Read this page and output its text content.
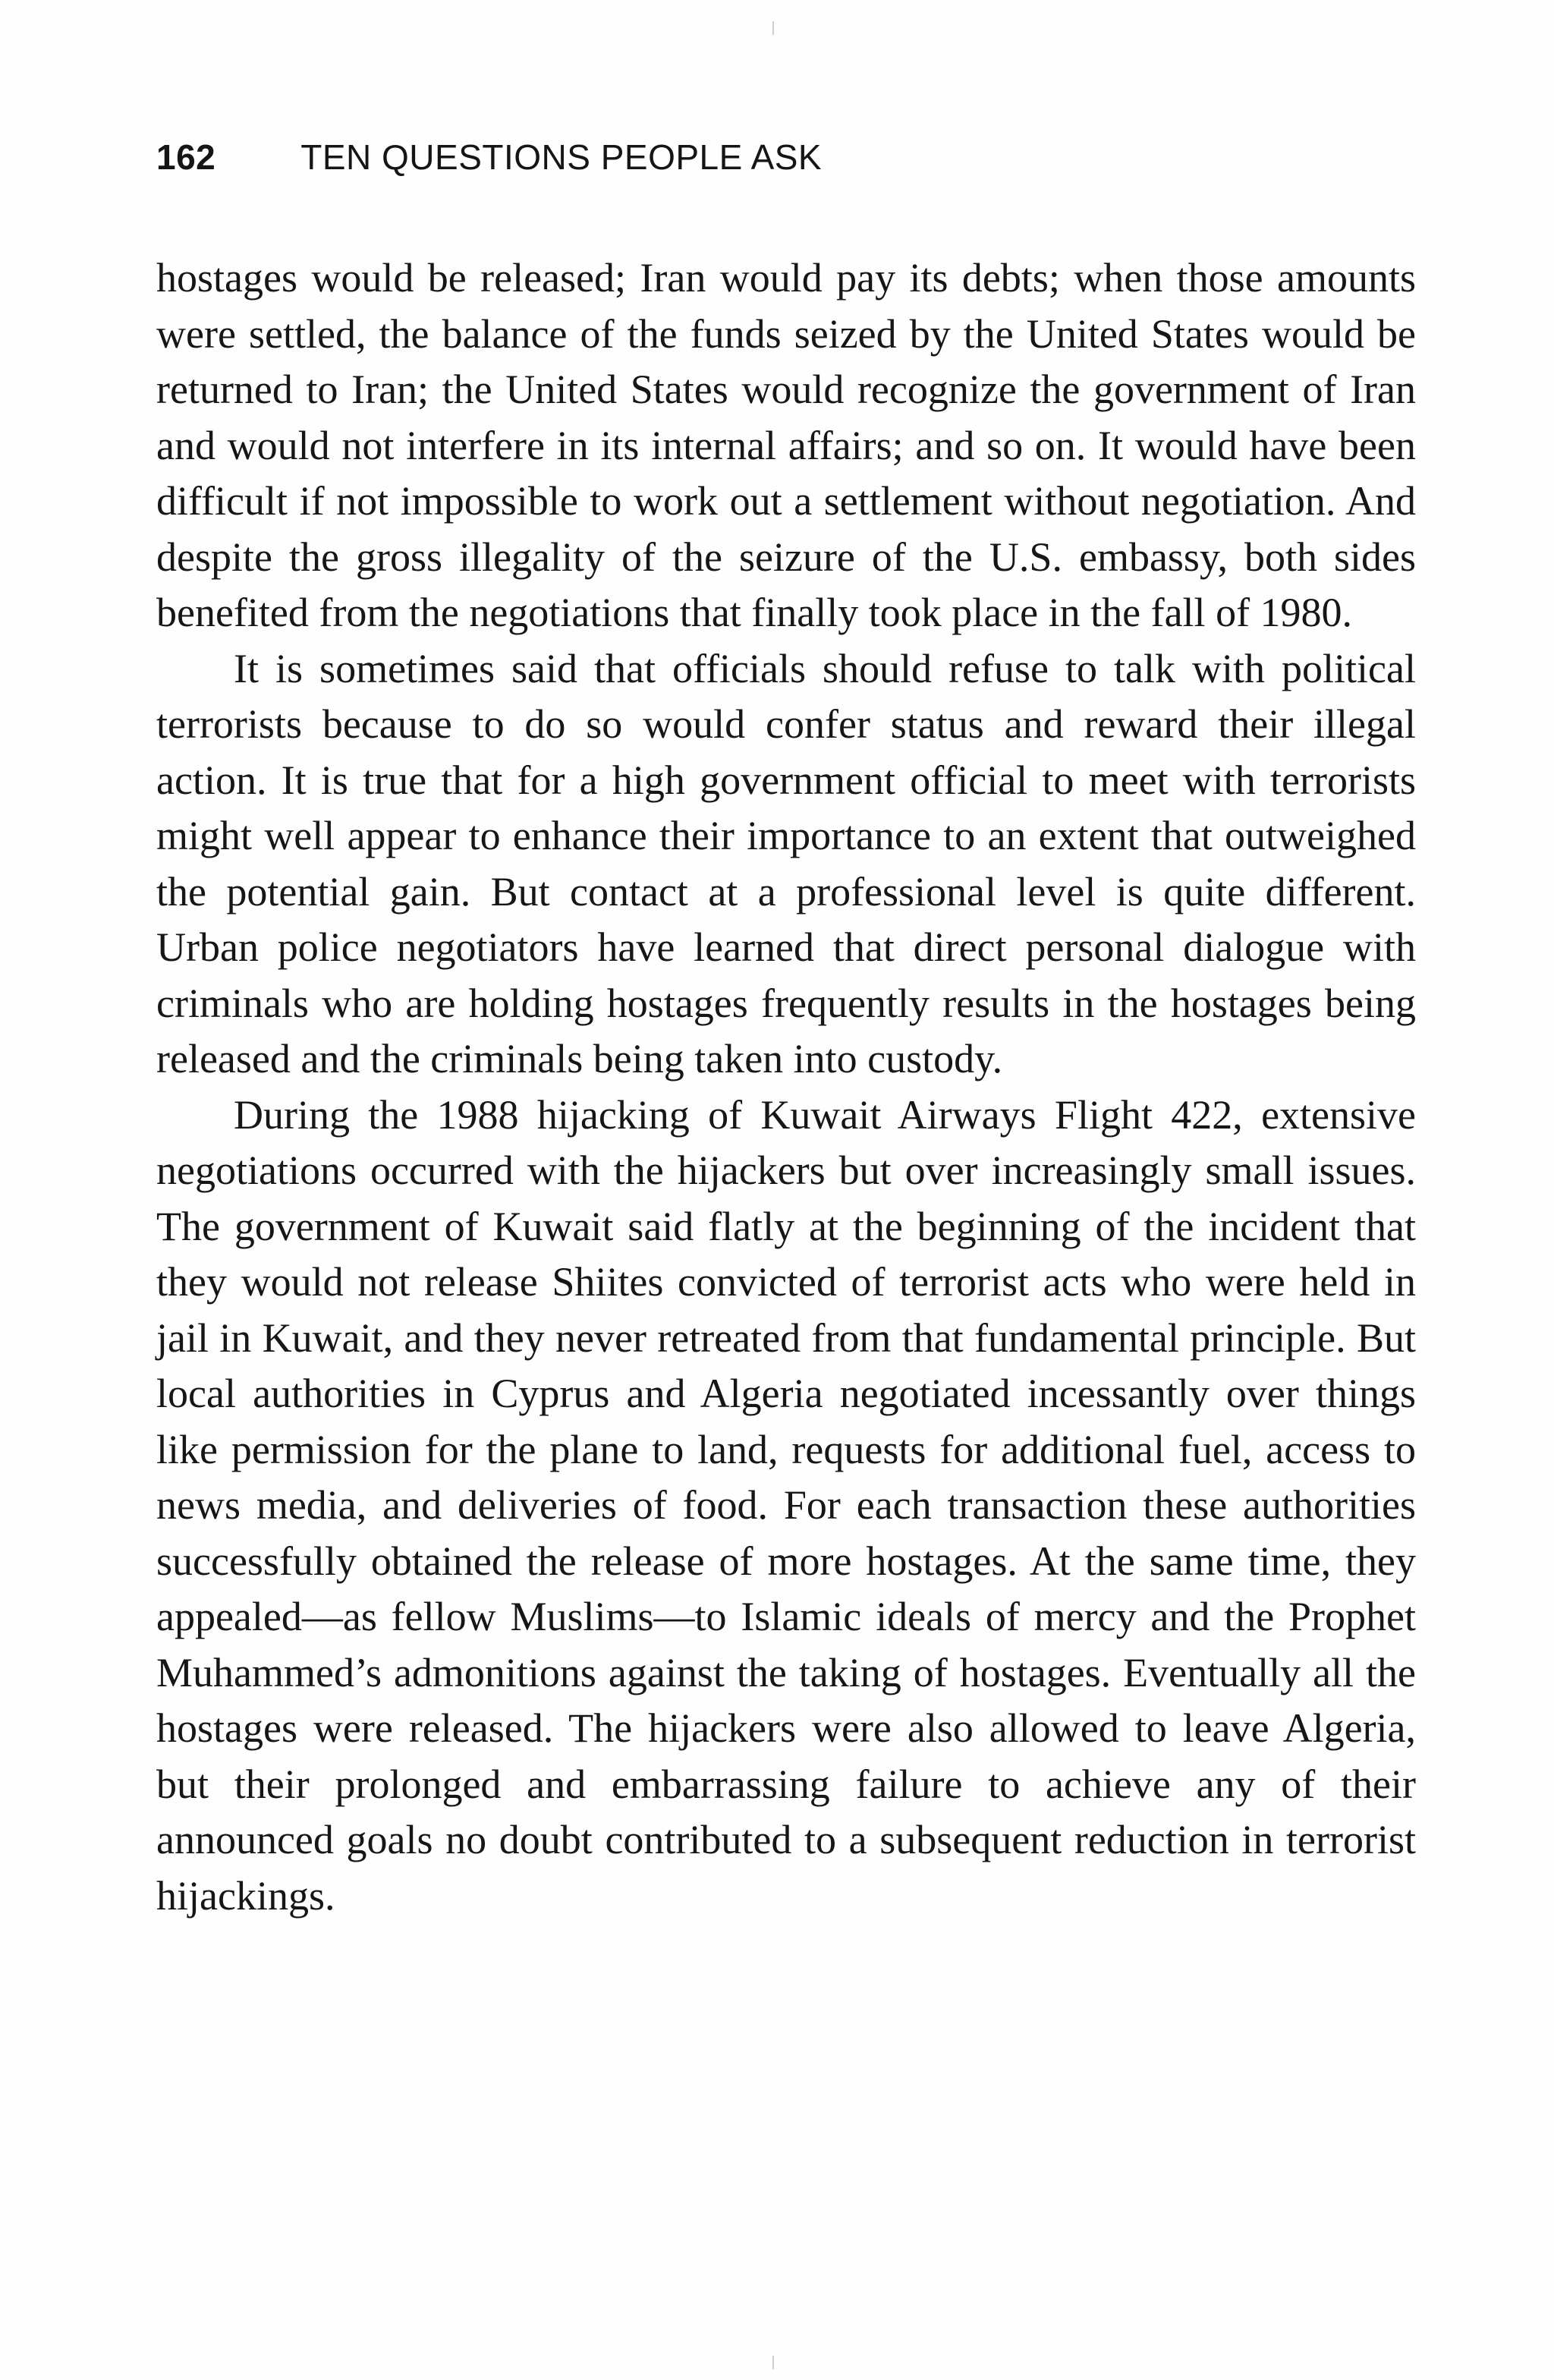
162 TEN QUESTIONS PEOPLE ASK

hostages would be released; Iran would pay its debts; when those amounts were settled, the balance of the funds seized by the United States would be returned to Iran; the United States would recognize the government of Iran and would not interfere in its internal affairs; and so on. It would have been difficult if not impossible to work out a settlement without negotiation. And despite the gross illegality of the seizure of the U.S. embassy, both sides benefited from the negotiations that finally took place in the fall of 1980.

It is sometimes said that officials should refuse to talk with political terrorists because to do so would confer status and reward their illegal action. It is true that for a high government official to meet with terrorists might well appear to enhance their importance to an extent that outweighed the potential gain. But contact at a professional level is quite different. Urban police negotiators have learned that direct personal dialogue with criminals who are holding hostages frequently results in the hostages being released and the criminals being taken into custody.

During the 1988 hijacking of Kuwait Airways Flight 422, extensive negotiations occurred with the hijackers but over increasingly small issues. The government of Kuwait said flatly at the beginning of the incident that they would not release Shiites convicted of terrorist acts who were held in jail in Kuwait, and they never retreated from that fundamental principle. But local authorities in Cyprus and Algeria negotiated incessantly over things like permission for the plane to land, requests for additional fuel, access to news media, and deliveries of food. For each transaction these authorities successfully obtained the release of more hostages. At the same time, they appealed—as fellow Muslims—to Islamic ideals of mercy and the Prophet Muhammed’s admonitions against the taking of hostages. Eventually all the hostages were released. The hijackers were also allowed to leave Algeria, but their prolonged and embarrassing failure to achieve any of their announced goals no doubt contributed to a subsequent reduction in terrorist hijackings.
